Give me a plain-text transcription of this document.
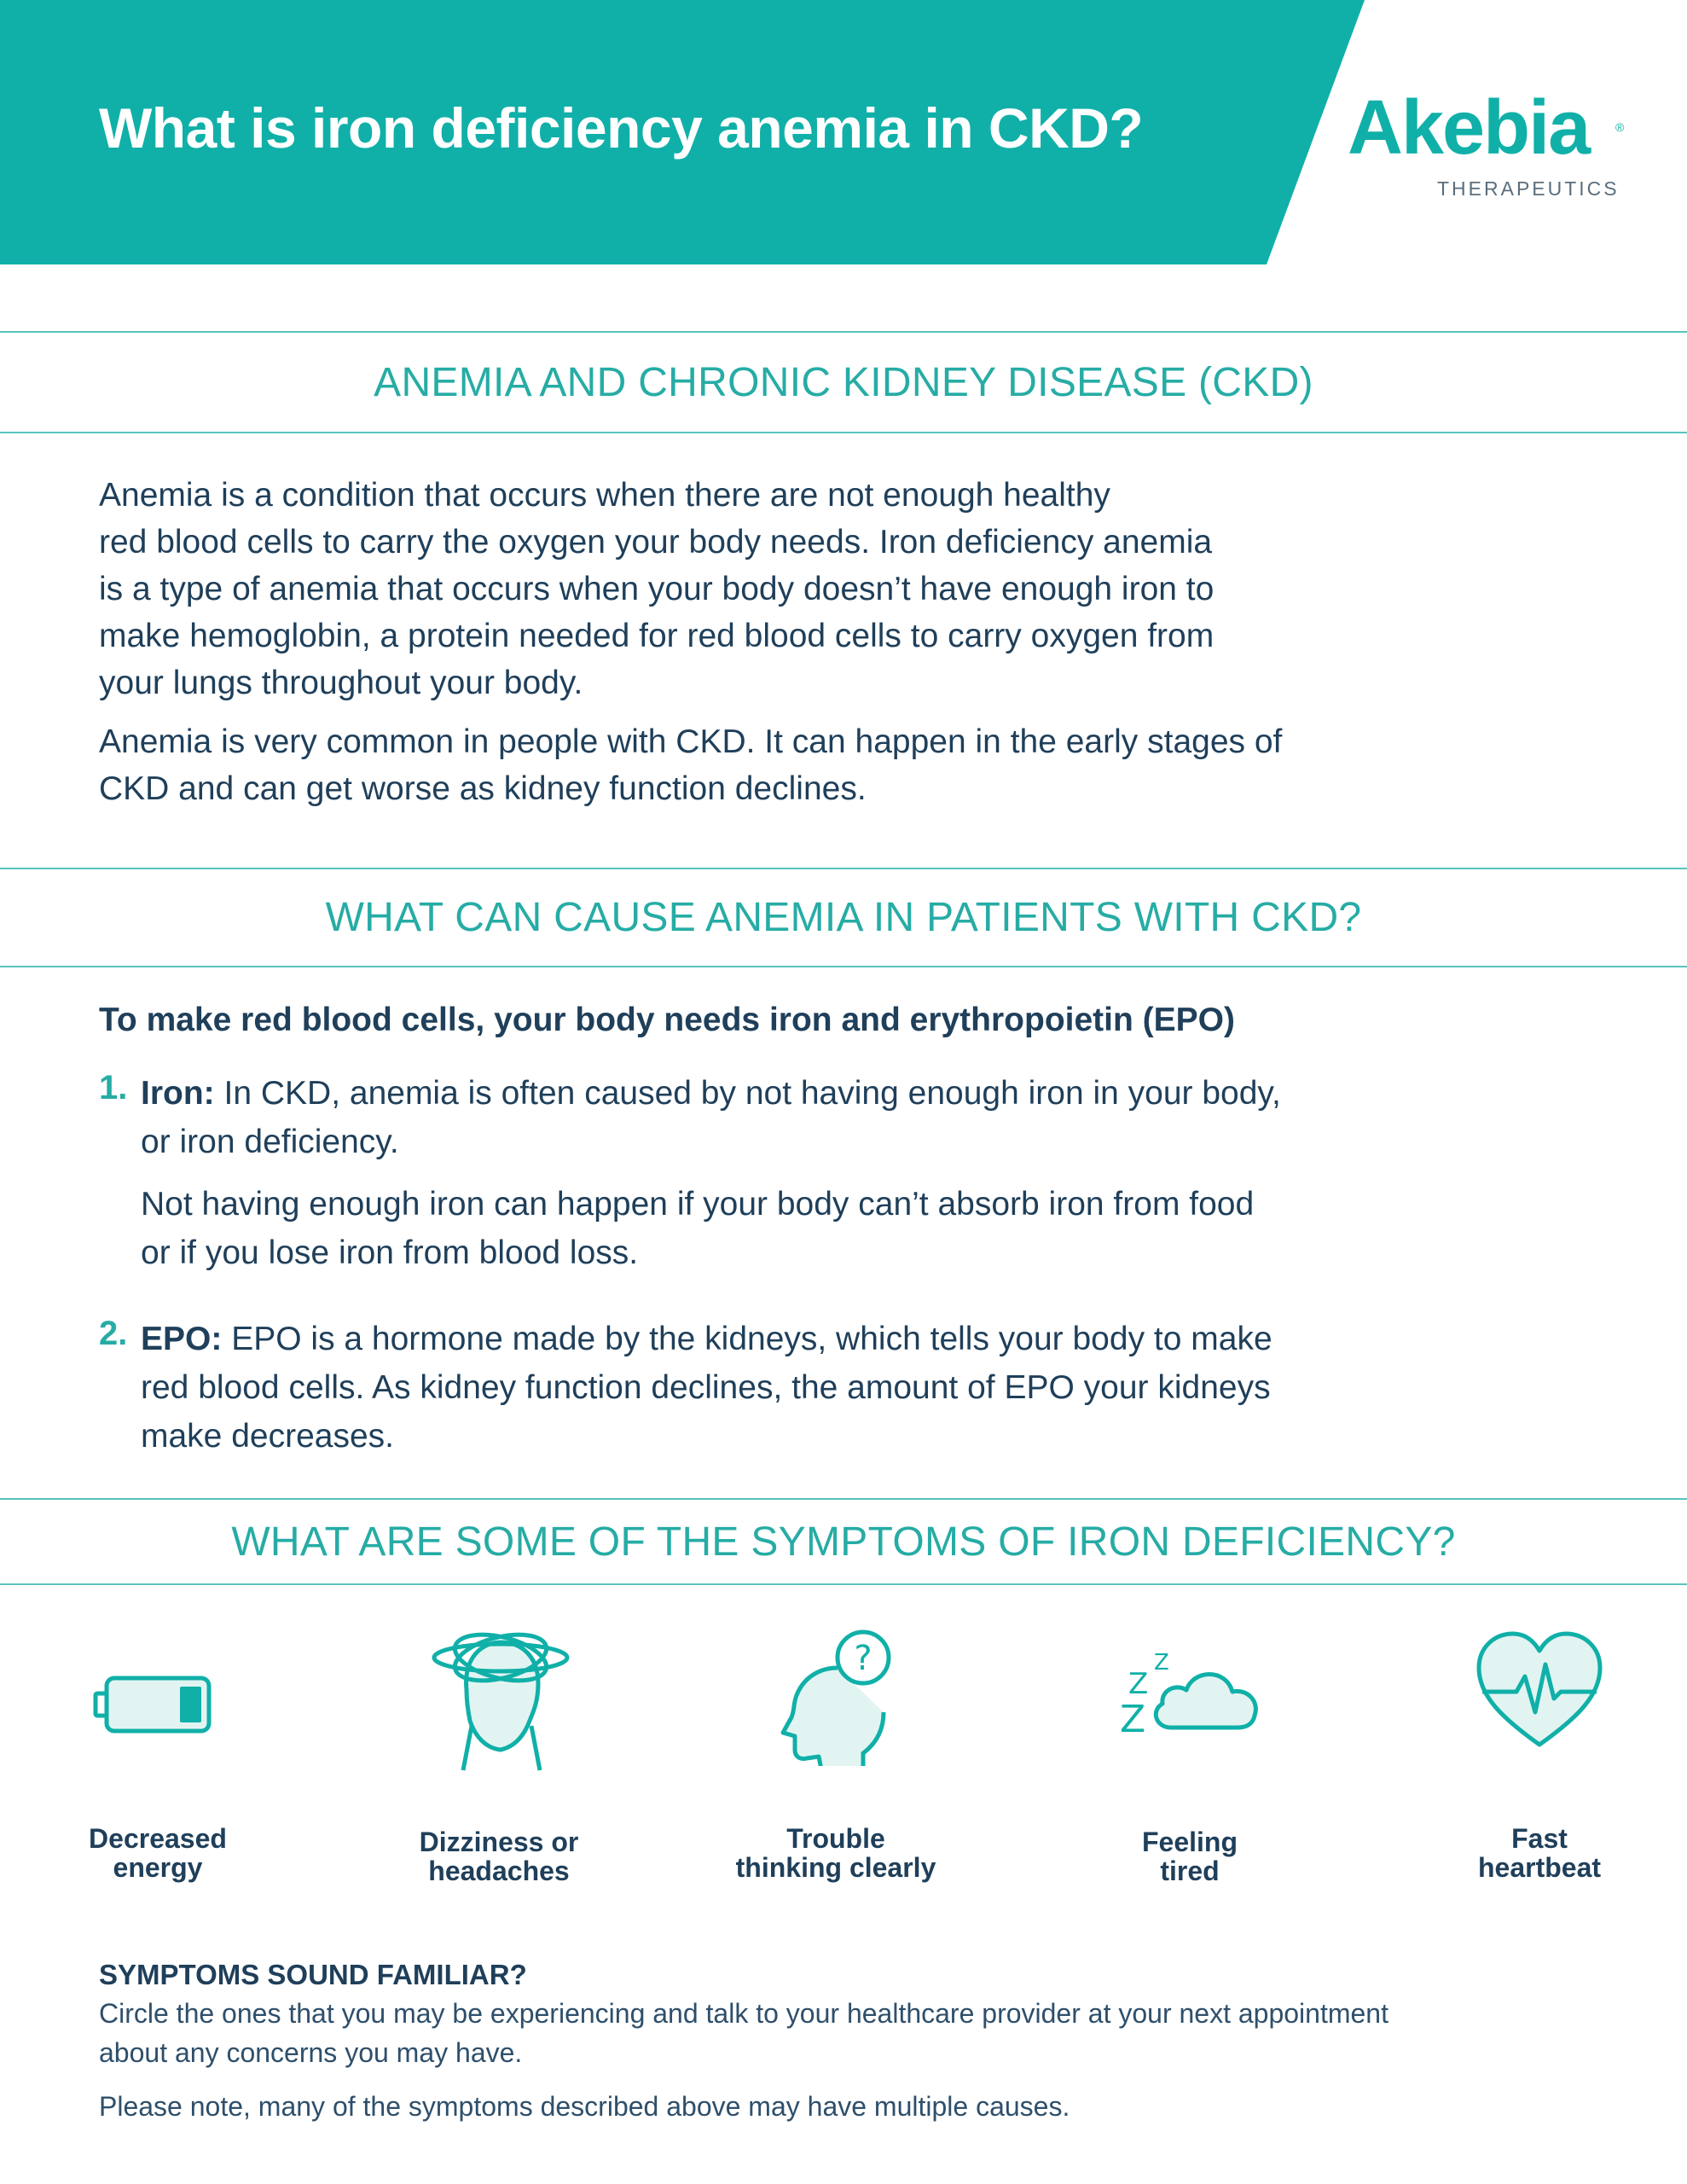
What is iron deficiency anemia in CKD?	Akebia ®
THERAPEUTICS
ANEMIA AND CHRONIC KIDNEY DISEASE (CKD)

Anemia is a condition that occurs when there are not enough healthy
red blood cells to carry the oxygen your body needs. Iron deficiency anemia
is a type of anemia that occurs when your body doesn’t have enough iron to
make hemoglobin, a protein needed for red blood cells to carry oxygen from
your lungs throughout your body.

Anemia is very common in people with CKD. It can happen in the early stages of
CKD and can get worse as kidney function declines.

WHAT CAN CAUSE ANEMIA IN PATIENTS WITH CKD?

To make red blood cells, your body needs iron and erythropoietin (EPO)

1. Iron: In CKD, anemia is often caused by not having enough iron in your body,
or iron deficiency.

Not having enough iron can happen if your body can’t absorb iron from food
or if you lose iron from blood loss.

2. EPO: EPO is a hormone made by the kidneys, which tells your body to make
red blood cells. As kidney function declines, the amount of EPO your kidneys
make decreases.

WHAT ARE SOME OF THE SYMPTOMS OF IRON DEFICIENCY?
Decreased
energy
Dizziness or
headaches
?
Trouble
thinking clearly
Z
Z
Z
Feeling
tired
Fast
heartbeat

SYMPTOMS SOUND FAMILIAR?

Circle the ones that you may be experiencing and talk to your healthcare provider at your next appointment
about any concerns you may have.

Please note, many of the symptoms described above may have multiple causes.
